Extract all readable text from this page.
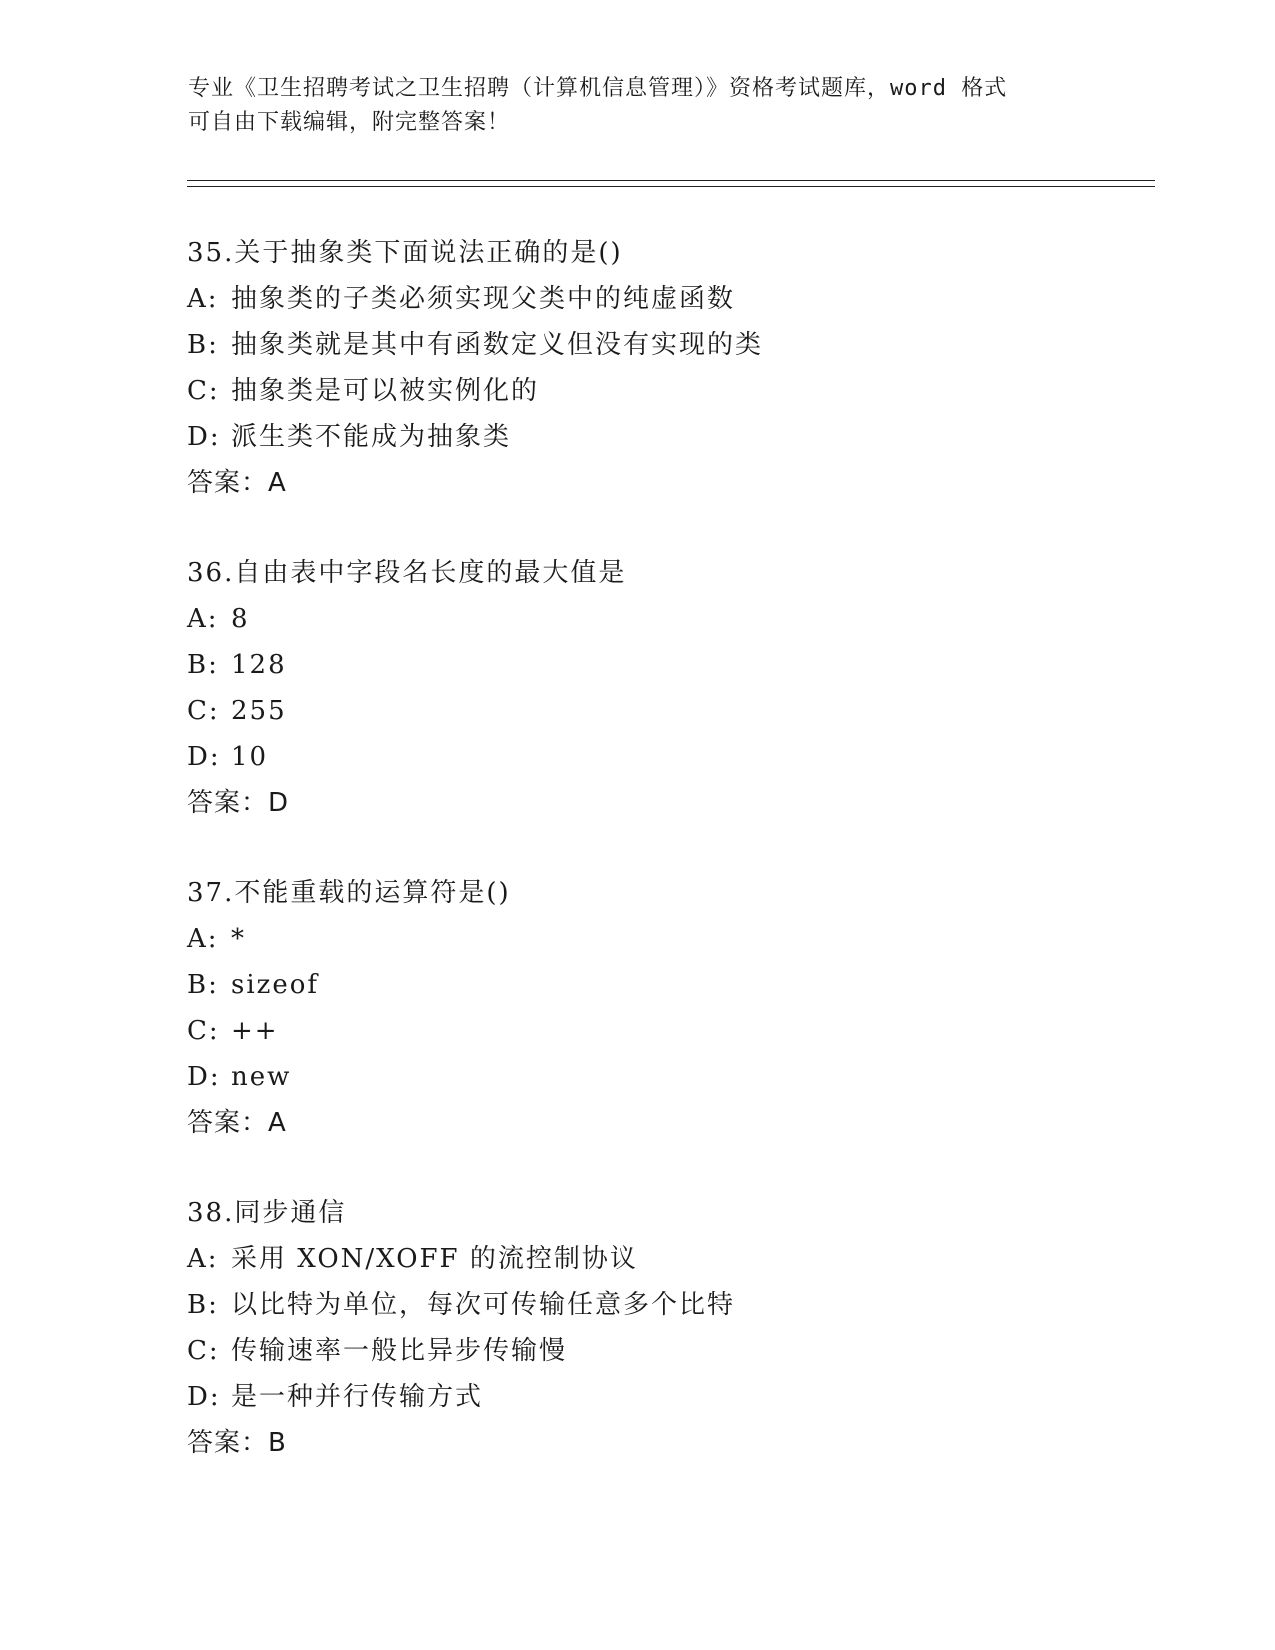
专业《卫生招聘考试之卫生招聘（计算机信息管理）》资格考试题库，word 格式
可自由下载编辑，附完整答案！
35.关于抽象类下面说法正确的是()
A: 抽象类的子类必须实现父类中的纯虚函数
B: 抽象类就是其中有函数定义但没有实现的类
C: 抽象类是可以被实例化的
D: 派生类不能成为抽象类
答案：A
36.自由表中字段名长度的最大值是
A: 8
B: 128
C: 255
D: 10
答案：D
37.不能重载的运算符是()
A: *
B: sizeof
C: ++
D: new
答案：A
38.同步通信
A: 采用 XON/XOFF 的流控制协议
B: 以比特为单位，每次可传输任意多个比特
C: 传输速率一般比异步传输慢
D: 是一种并行传输方式
答案：B
